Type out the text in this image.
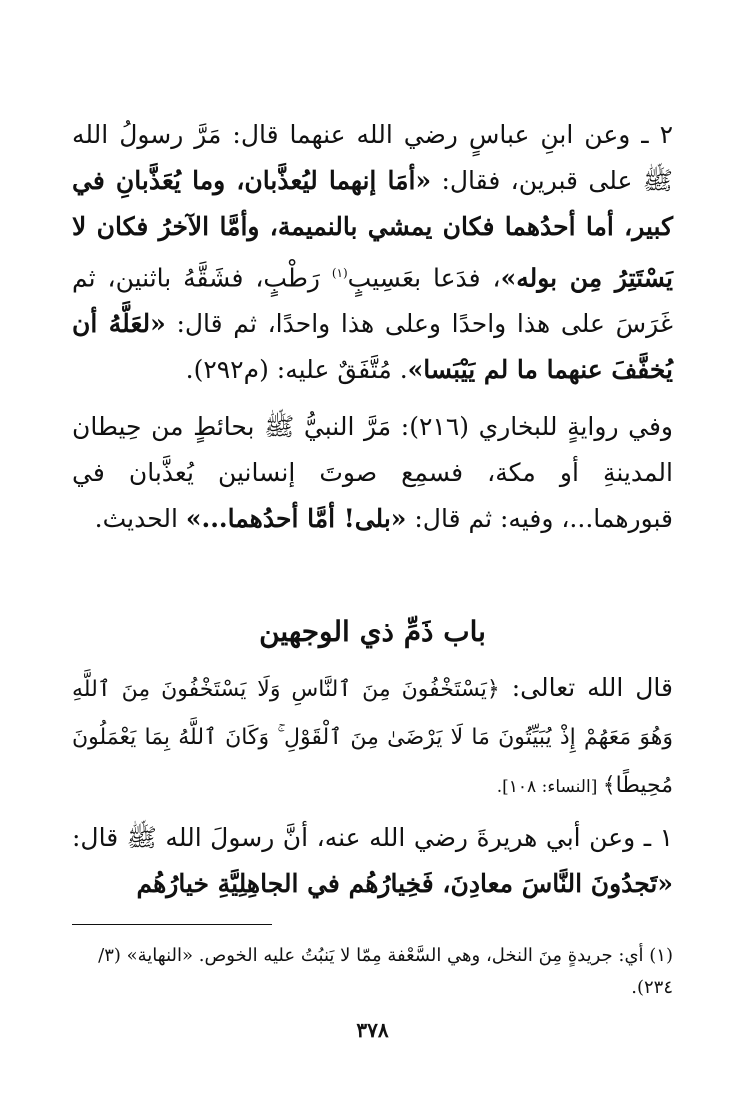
٢ ـ وعن ابنِ عباسٍ رضي الله عنهما قال: مَرَّ رسولُ الله ﷺ على قبرين، فقال: «أمَا إنهما ليُعذَّبان، وما يُعَذَّبانِ في كبير، أما أحدُهما فكان يمشي بالنميمة، وأمَّا الآخرُ فكان لا يَسْتَتِرُ مِن بوله»، فدَعا بعَسِيبٍ$^{(١)}$ رَطْبٍ، فشَقَّهُ باثنين، ثم غَرَسَ على هذا واحدًا وعلى هذا واحدًا، ثم قال: «لعَلَّهُ أن يُخفَّفَ عنهما ما لم يَيْبَسا». مُتَّفَقٌ عليه: (م٢٩٢).
وفي روايةٍ للبخاري (٢١٦): مَرَّ النبيُّ ﷺ بحائطٍ من حِيطان المدينةِ أو مكة، فسمِع صوتَ إنسانين يُعذَّبان في قبورهما...، وفيه: ثم قال: «بلى! أمَّا أحدُهما...» الحديث.
باب ذَمِّ ذي الوجهين
قال الله تعالى: ﴿يَسْتَخْفُونَ مِنَ ٱلنَّاسِ وَلَا يَسْتَخْفُونَ مِنَ ٱللَّهِ وَهُوَ مَعَهُمْ إِذْ يُبَيِّتُونَ مَا لَا يَرْضَىٰ مِنَ ٱلْقَوْلِ ۚ وَكَانَ ٱللَّهُ بِمَا يَعْمَلُونَ مُحِيطًا﴾ [النساء: ١٠٨].
١ ـ وعن أبي هريرةَ رضي الله عنه، أنَّ رسولَ الله ﷺ قال: «تَجدُونَ النَّاسَ معادِنَ، فَخِيارُهُم في الجاهِلِيَّةِ خيارُهُم
(١) أي: جريدةٍ مِنَ النخل، وهي السَّعْفة مِمّا لا يَنبُتُ عليه الخوص. «النهاية» (٣/ ٢٣٤).
٣٧٨
